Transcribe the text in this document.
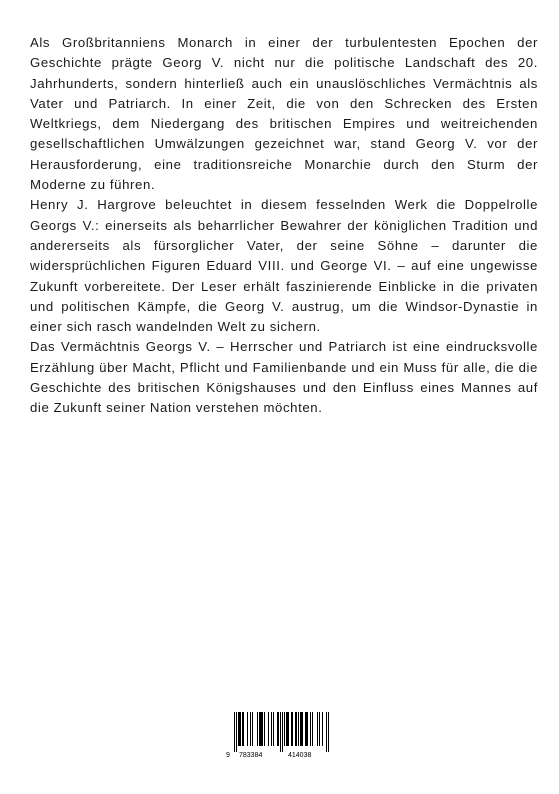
Als Großbritanniens Monarch in einer der turbulentesten Epochen der Geschichte prägte Georg V. nicht nur die politische Landschaft des 20. Jahrhunderts, sondern hinterließ auch ein unauslöschliches Vermächtnis als Vater und Patriarch. In einer Zeit, die von den Schrecken des Ersten Weltkriegs, dem Niedergang des britischen Empires und weitreichenden gesellschaftlichen Umwälzungen gezeichnet war, stand Georg V. vor der Herausforderung, eine traditionsreiche Monarchie durch den Sturm der Moderne zu führen.

Henry J. Hargrove beleuchtet in diesem fesselnden Werk die Doppelrolle Georgs V.: einerseits als beharrlicher Bewahrer der königlichen Tradition und andererseits als fürsorglicher Vater, der seine Söhne – darunter die widersprüchlichen Figuren Eduard VIII. und George VI. – auf eine ungewisse Zukunft vorbereitete. Der Leser erhält faszinierende Einblicke in die privaten und politischen Kämpfe, die Georg V. austrug, um die Windsor-Dynastie in einer sich rasch wandelnden Welt zu sichern.

Das Vermächtnis Georgs V. – Herrscher und Patriarch ist eine eindrucksvolle Erzählung über Macht, Pflicht und Familienbande und ein Muss für alle, die die Geschichte des britischen Königshauses und den Einfluss eines Mannes auf die Zukunft seiner Nation verstehen möchten.

9 783384	414038
